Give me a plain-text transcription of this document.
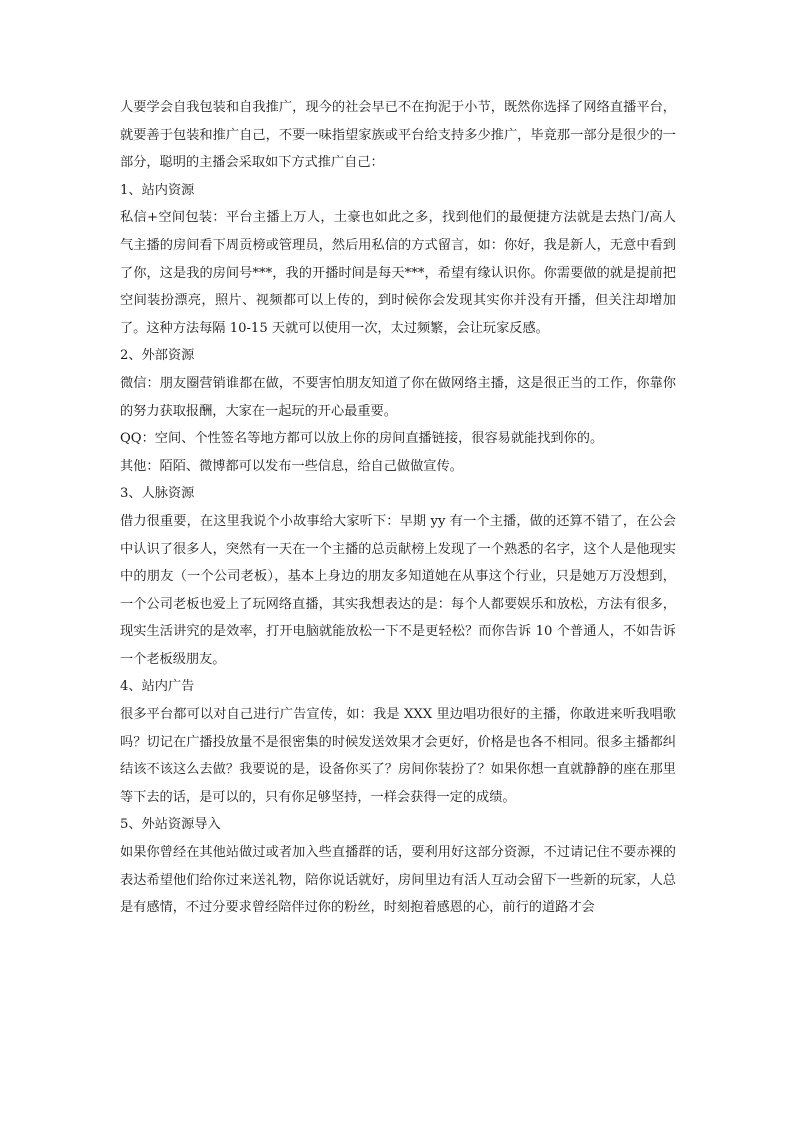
人要学会自我包装和自我推广，现今的社会早已不在拘泥于小节，既然你选择了网络直播平台，就要善于包装和推广自己，不要一味指望家族或平台给支持多少推广，毕竟那一部分是很少的一部分，聪明的主播会采取如下方式推广自己：

1、站内资源

私信+空间包装：平台主播上万人，土豪也如此之多，找到他们的最便捷方法就是去热门/高人气主播的房间看下周贡榜或管理员，然后用私信的方式留言，如：你好，我是新人，无意中看到了你，这是我的房间号***，我的开播时间是每天***，希望有缘认识你。你需要做的就是提前把空间装扮漂亮，照片、视频都可以上传的，到时候你会发现其实你并没有开播，但关注却增加了。这种方法每隔 10-15 天就可以使用一次，太过频繁，会让玩家反感。

2、外部资源

微信：朋友圈营销谁都在做，不要害怕朋友知道了你在做网络主播，这是很正当的工作，你靠你的努力获取报酬，大家在一起玩的开心最重要。

QQ：空间、个性签名等地方都可以放上你的房间直播链接，很容易就能找到你的。

其他：陌陌、微博都可以发布一些信息，给自己做做宣传。

3、人脉资源

借力很重要，在这里我说个小故事给大家听下：早期 yy 有一个主播，做的还算不错了，在公会中认识了很多人，突然有一天在一个主播的总贡献榜上发现了一个熟悉的名字，这个人是他现实中的朋友（一个公司老板），基本上身边的朋友多知道她在从事这个行业，只是她万万没想到，一个公司老板也爱上了玩网络直播，其实我想表达的是：每个人都要娱乐和放松，方法有很多，现实生活讲究的是效率，打开电脑就能放松一下不是更轻松？而你告诉 10 个普通人，不如告诉一个老板级朋友。

4、站内广告

很多平台都可以对自己进行广告宣传，如：我是 XXX 里边唱功很好的主播，你敢进来听我唱歌吗？切记在广播投放量不是很密集的时候发送效果才会更好，价格是也各不相同。很多主播都纠结该不该这么去做？我要说的是，设备你买了？房间你装扮了？如果你想一直就静静的座在那里等下去的话，是可以的，只有你足够坚持，一样会获得一定的成绩。

5、外站资源导入

如果你曾经在其他站做过或者加入些直播群的话，要利用好这部分资源，不过请记住不要赤裸的表达希望他们给你过来送礼物，陪你说话就好，房间里边有活人互动会留下一些新的玩家，人总是有感情，不过分要求曾经陪伴过你的粉丝，时刻抱着感恩的心，前行的道路才会
